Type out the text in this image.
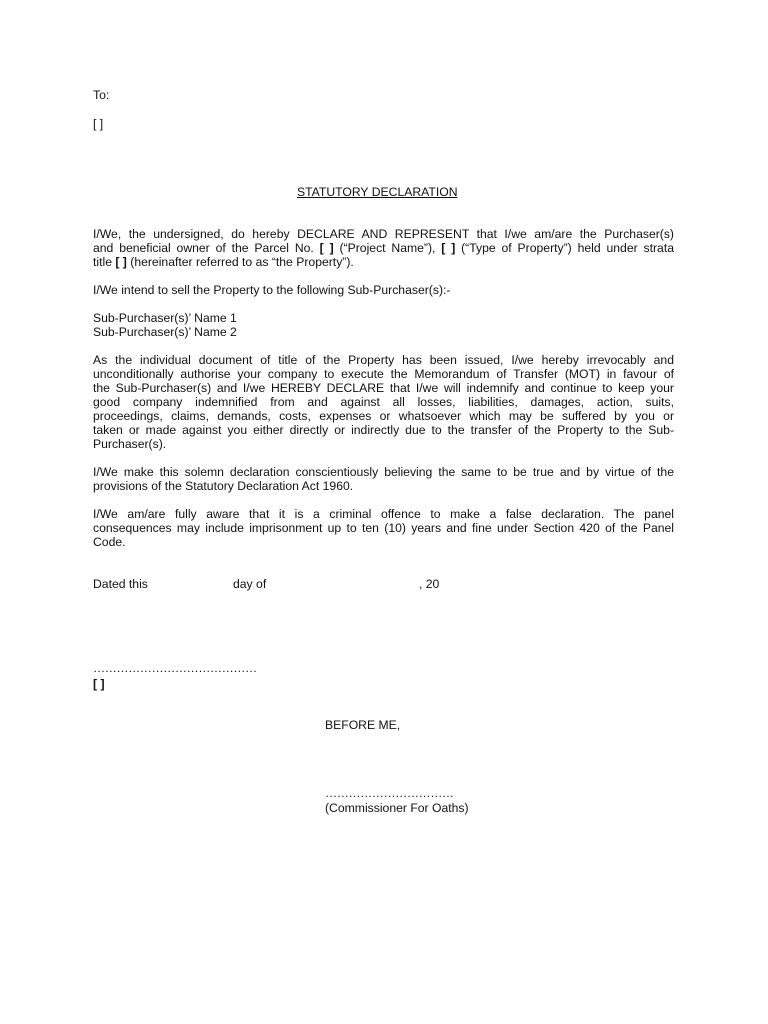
To:
[ ]
STATUTORY DECLARATION
I/We, the undersigned, do hereby DECLARE AND REPRESENT that I/we am/are the Purchaser(s)
and beneficial owner of the Parcel No. [ ] (“Project Name”), [ ] (“Type of Property”) held under strata
title [ ] (hereinafter referred to as “the Property”).
I/We intend to sell the Property to the following Sub-Purchaser(s):-
Sub-Purchaser(s)’ Name 1
Sub-Purchaser(s)’ Name 2
As the individual document of title of the Property has been issued, I/we hereby irrevocably and
unconditionally authorise your company to execute the Memorandum of Transfer (MOT) in favour of
the Sub-Purchaser(s) and I/we HEREBY DECLARE that I/we will indemnify and continue to keep your
good company indemnified from and against all losses, liabilities, damages, action, suits,
proceedings, claims, demands, costs, expenses or whatsoever which may be suffered by you or
taken or made against you either directly or indirectly due to the transfer of the Property to the Sub-
Purchaser(s).
I/We make this solemn declaration conscientiously believing the same to be true and by virtue of the
provisions of the Statutory Declaration Act 1960.
I/We am/are fully aware that it is a criminal offence to make a false declaration. The panel
consequences may include imprisonment up to ten (10) years and fine under Section 420 of the Panel
Code.
Dated this	day of	, 20
……………………………………
[ ]
BEFORE ME,
……………………………
(Commissioner For Oaths)
